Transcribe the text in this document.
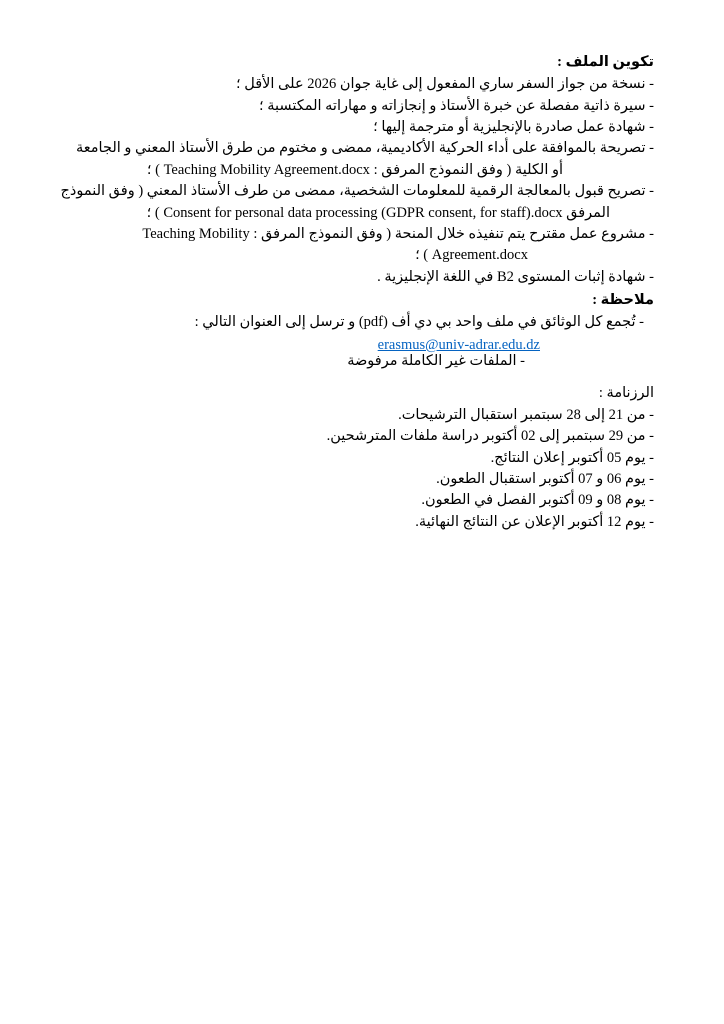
تكوين الملف :
- نسخة من جواز السفر ساري المفعول إلى غاية جوان 2026 على الأقل ؛
- سيرة ذاتية مفصلة عن خبرة الأستاذ و إنجازاته و مهاراته المكتسبة ؛
- شهادة عمل صادرة بالإنجليزية أو مترجمة إليها ؛
- تصريحة بالموافقة على أداء الحركية الأكاديمية، ممضى و مختوم من طرق الأستاذ المعني و الجامعة
أو الكلية ( وفق النموذج المرفق : Teaching Mobility Agreement.docx ) ؛
- تصريح قبول بالمعالجة الرقمية للمعلومات الشخصية، ممضى من طرف الأستاذ المعني ( وفق النموذج
المرفق Consent for personal data processing (GDPR consent, for staff).docx ) ؛
- مشروع عمل مقترح يتم تنفيذه خلال المنحة ( وفق النموذج المرفق : Teaching Mobility
Agreement.docx ) ؛
- شهادة إثبات المستوى B2 في اللغة الإنجليزية .
ملاحظة :
- تُجمع كل الوثائق في ملف واحد بي دي أف (pdf) و ترسل إلى العنوان التالي :
erasmus@univ-adrar.edu.dz
- الملفات غير الكاملة مرفوضة
الرزنامة :
- من 21 إلى 28 سبتمبر استقبال الترشيحات.
- من 29 سبتمبر إلى 02 أكتوبر دراسة ملفات المترشحين.
- يوم 05 أكتوبر إعلان النتائج.
- يوم 06 و 07 أكتوبر استقبال الطعون.
- يوم 08 و 09 أكتوبر الفصل في الطعون.
- يوم 12 أكتوبر الإعلان عن النتائج النهائية.
